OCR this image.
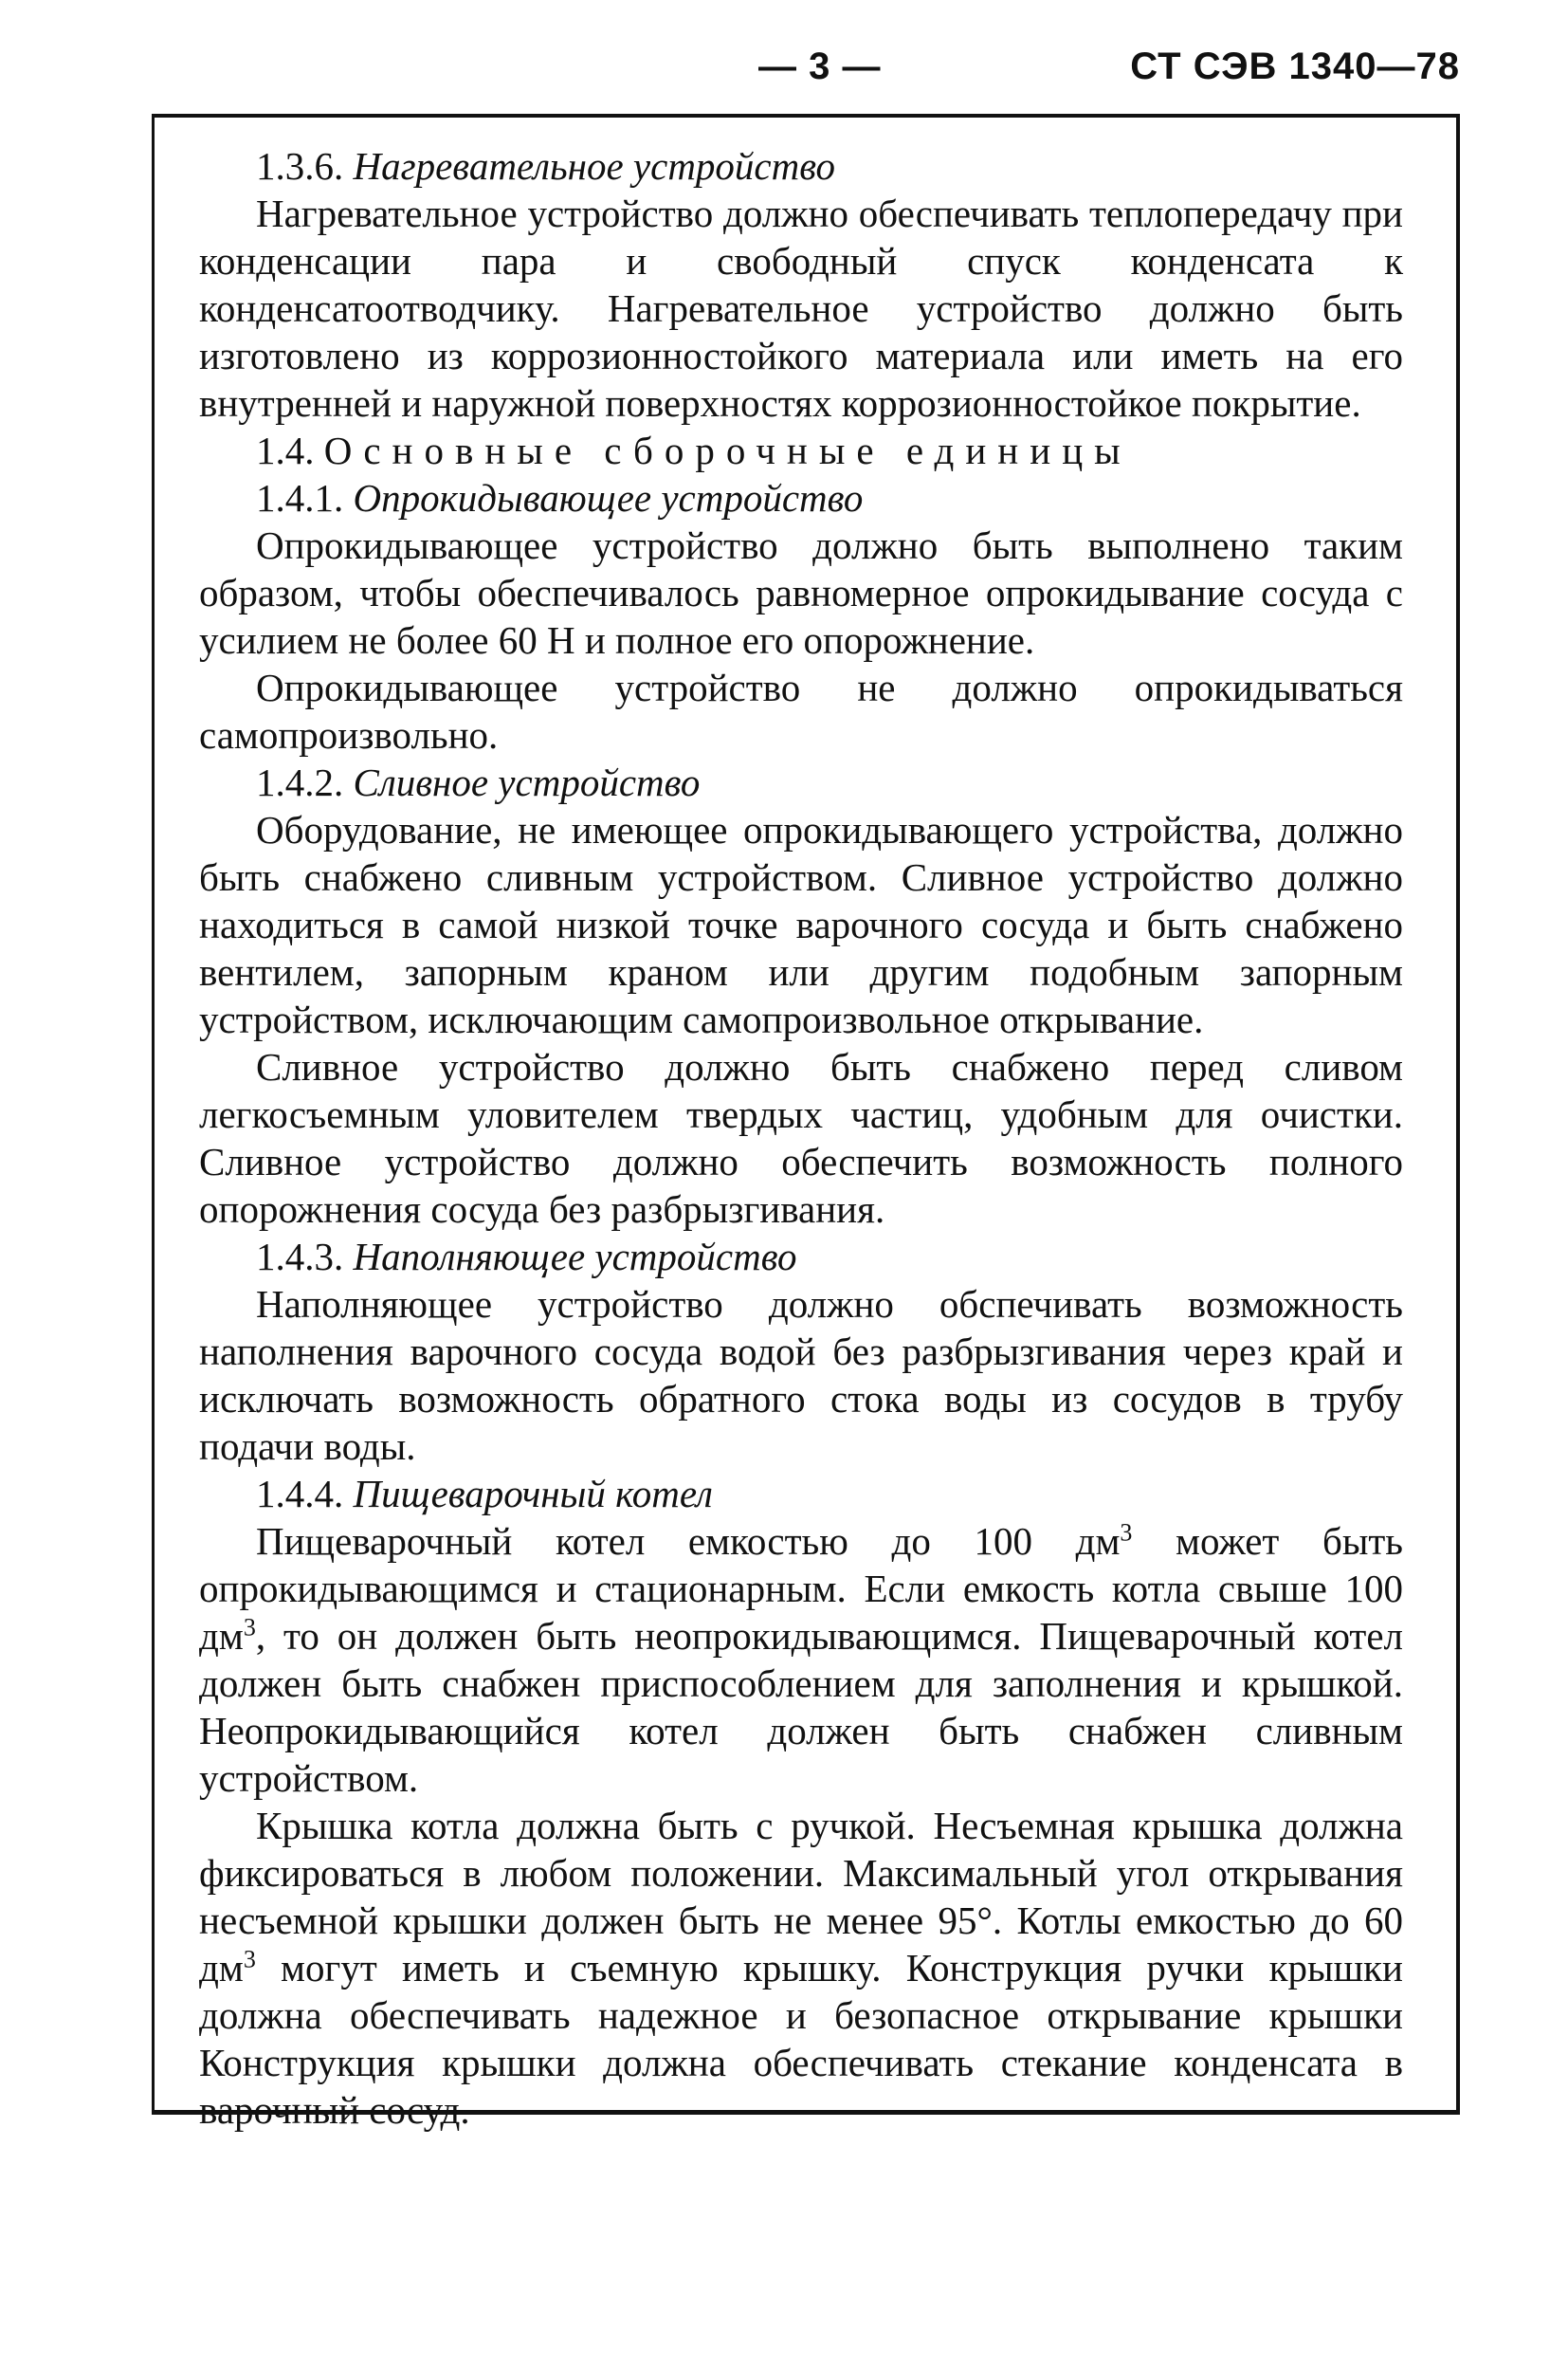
— 3 —	СТ СЭВ 1340—78

1.3.6. Нагревательное устройство

Нагревательное устройство должно обеспечивать теплопередачу при конденсации пара и свободный спуск конденсата к конденсатоотводчику. Нагревательное устройство должно быть изготовлено из коррозионностойкого материала или иметь на его внутренней и наружной поверхностях коррозионностойкое покрытие.

1.4. Основные сборочные единицы

1.4.1. Опрокидывающее устройство

Опрокидывающее устройство должно быть выполнено таким образом, чтобы обеспечивалось равномерное опрокидывание сосуда с усилием не более 60 Н и полное его опорожнение.

Опрокидывающее устройство не должно опрокидываться самопроизвольно.

1.4.2. Сливное устройство

Оборудование, не имеющее опрокидывающего устройства, должно быть снабжено сливным устройством. Сливное устройство должно находиться в самой низкой точке варочного сосуда и быть снабжено вентилем, запорным краном или другим подобным запорным устройством, исключающим самопроизвольное открывание.

Сливное устройство должно быть снабжено перед сливом легкосъемным уловителем твердых частиц, удобным для очистки. Сливное устройство должно обеспечить возможность полного опорожнения сосуда без разбрызгивания.

1.4.3. Наполняющее устройство

Наполняющее устройство должно обспечивать возможность наполнения варочного сосуда водой без разбрызгивания через край и исключать возможность обратного стока воды из сосудов в трубу подачи воды.

1.4.4. Пищеварочный котел

Пищеварочный котел емкостью до 100 $дм^3$ может быть опрокидывающимся и стационарным. Если емкость котла свыше 100 $дм^3$, то он должен быть неопрокидывающимся. Пищеварочный котел должен быть снабжен приспособлением для заполнения и крышкой. Неопрокидывающийся котел должен быть снабжен сливным устройством.

Крышка котла должна быть с ручкой. Несъемная крышка должна фиксироваться в любом положении. Максимальный угол открывания несъемной крышки должен быть не менее 95°. Котлы емкостью до 60 $дм^3$ могут иметь и съемную крышку. Конструкция ручки крышки должна обеспечивать надежное и безопасное открывание крышки Конструкция крышки должна обеспечивать стекание конденсата в варочный сосуд.
